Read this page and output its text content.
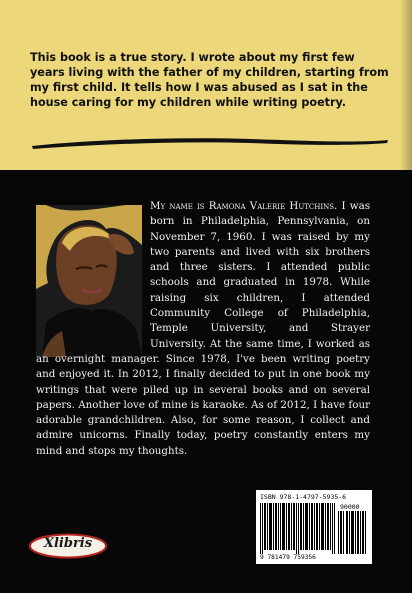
This book is a true story. I wrote about my first few years living with the father of my children, starting from my first child. It tells how I was abused as I sat in the house caring for my children while writing poetry.

My name is Ramona Valerie Hutchins. I was born in Philadelphia, Pennsylvania, on November 7, 1960. I was raised by my two parents and lived with six brothers and three sisters. I attended public schools and graduated in 1978. While raising six children, I attended Community College of Philadelphia, Temple University, and Strayer University. At the same time, I worked as an overnight manager. Since 1978, I've been writing poetry and enjoyed it. In 2012, I finally decided to put in one book my writings that were piled up in several books and on several papers. Another love of mine is karaoke. As of 2012, I have four adorable grandchildren. Also, for some reason, I collect and admire unicorns. Finally today, poetry constantly enters my mind and stops my thoughts.

ISBN 978-1-4797-5935-6

90000

9 781479 759356

Xlibris
